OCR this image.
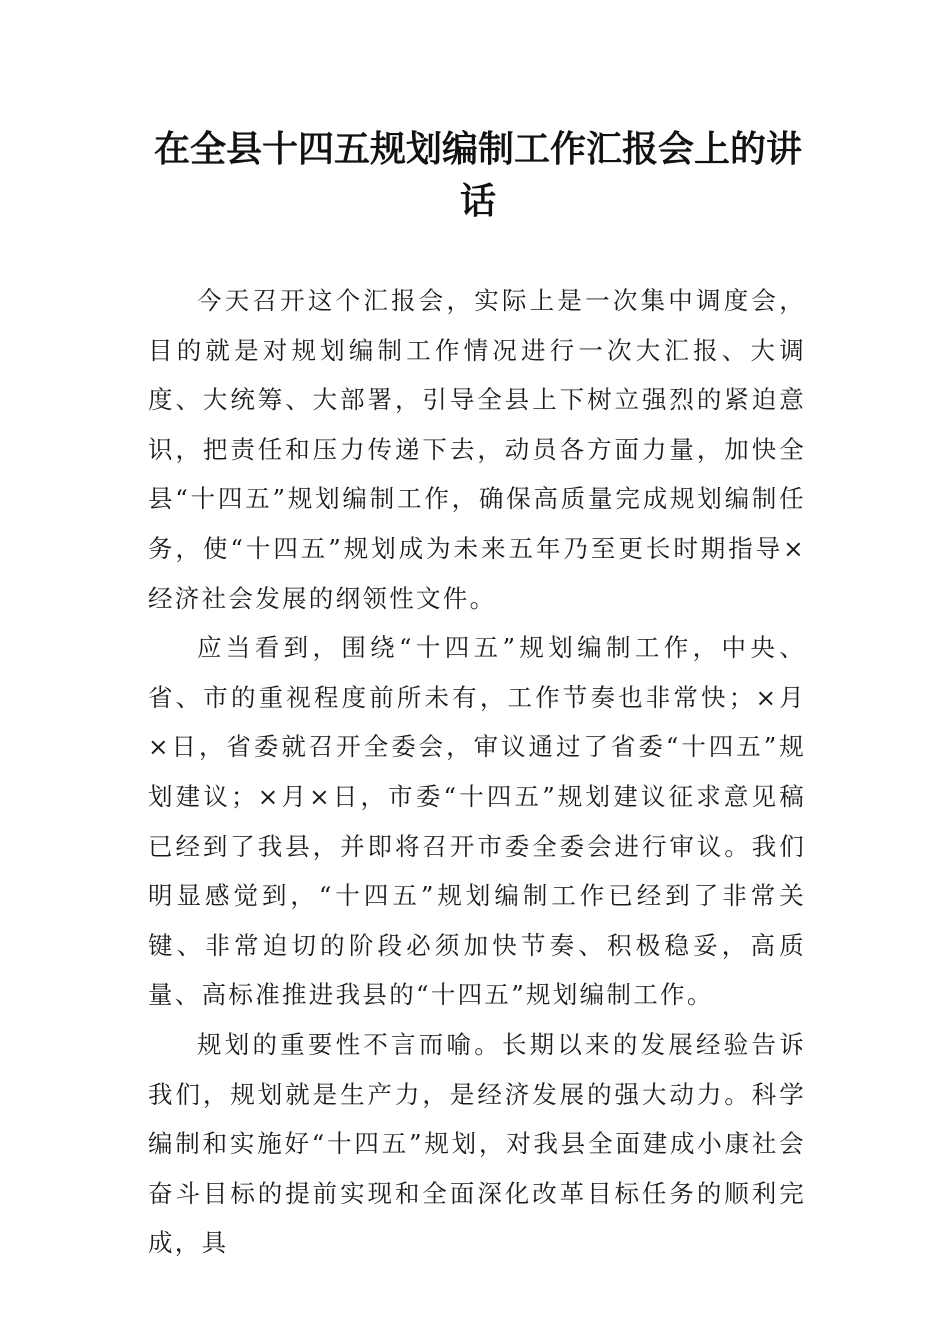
在全县十四五规划编制工作汇报会上的讲话

今天召开这个汇报会，实际上是一次集中调度会，目的就是对规划编制工作情况进行一次大汇报、大调度、大统筹、大部署，引导全县上下树立强烈的紧迫意识，把责任和压力传递下去，动员各方面力量，加快全县“十四五”规划编制工作，确保高质量完成规划编制任务，使“十四五”规划成为未来五年乃至更长时期指导×经济社会发展的纲领性文件。

应当看到，围绕“十四五”规划编制工作，中央、省、市的重视程度前所未有，工作节奏也非常快；×月×日，省委就召开全委会，审议通过了省委“十四五”规划建议；×月×日，市委“十四五”规划建议征求意见稿已经到了我县，并即将召开市委全委会进行审议。我们明显感觉到，“十四五”规划编制工作已经到了非常关键、非常迫切的阶段必须加快节奏、积极稳妥，高质量、高标准推进我县的“十四五”规划编制工作。

规划的重要性不言而喻。长期以来的发展经验告诉我们，规划就是生产力，是经济发展的强大动力。科学编制和实施好“十四五”规划，对我县全面建成小康社会奋斗目标的提前实现和全面深化改革目标任务的顺利完成，具
